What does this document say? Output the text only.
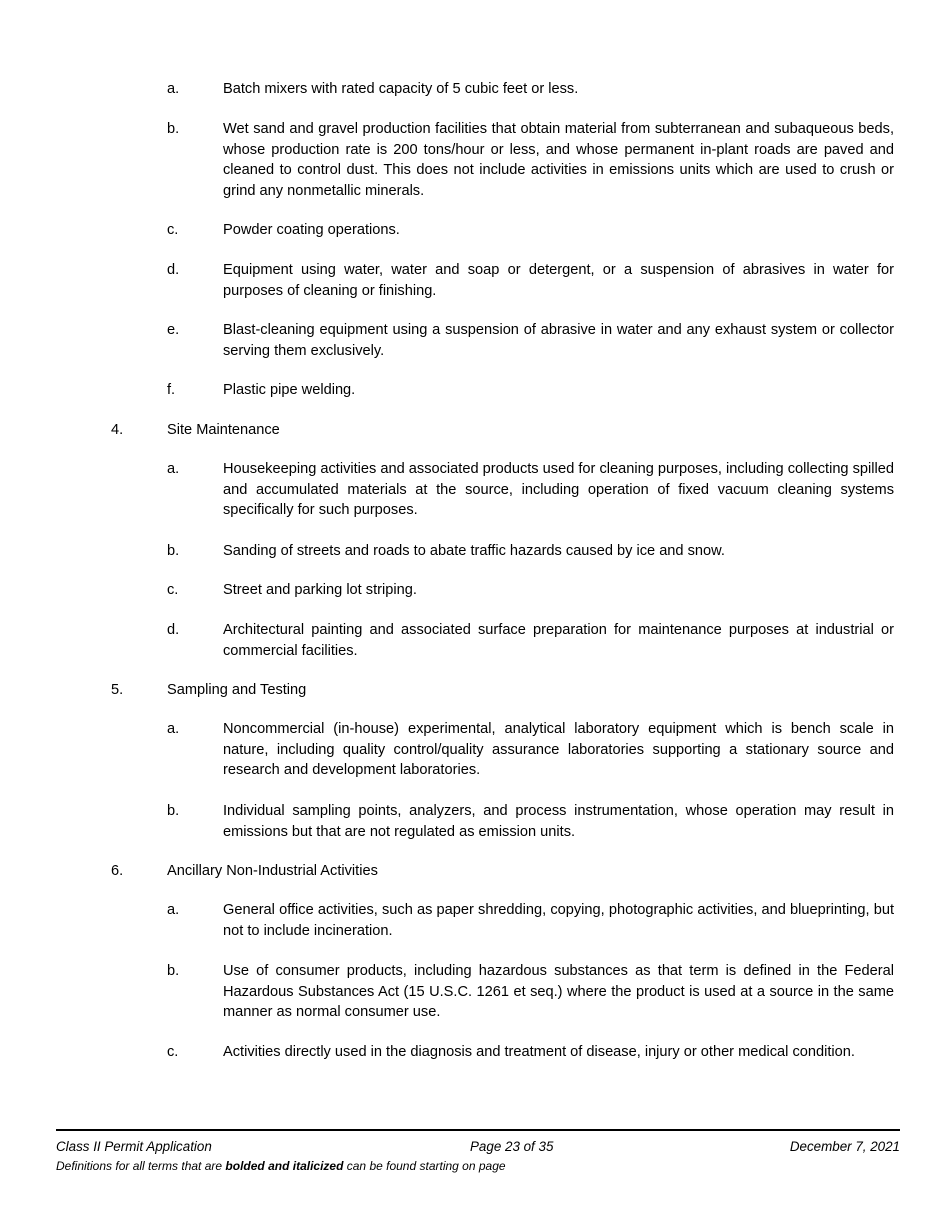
a.	Batch mixers with rated capacity of 5 cubic feet or less.
b.	Wet sand and gravel production facilities that obtain material from subterranean and subaqueous beds, whose production rate is 200 tons/hour or less, and whose permanent in-plant roads are paved and cleaned to control dust. This does not include activities in emissions units which are used to crush or grind any nonmetallic minerals.
c.	Powder coating operations.
d.	Equipment using water, water and soap or detergent, or a suspension of abrasives in water for purposes of cleaning or finishing.
e.	Blast-cleaning equipment using a suspension of abrasive in water and any exhaust system or collector serving them exclusively.
f.	Plastic pipe welding.
4.	Site Maintenance
a.	Housekeeping activities and associated products used for cleaning purposes, including collecting spilled and accumulated materials at the source, including operation of fixed vacuum cleaning systems specifically for such purposes.
b.	Sanding of streets and roads to abate traffic hazards caused by ice and snow.
c.	Street and parking lot striping.
d.	Architectural painting and associated surface preparation for maintenance purposes at industrial or commercial facilities.
5.	Sampling and Testing
a.	Noncommercial (in-house) experimental, analytical laboratory equipment which is bench scale in nature, including quality control/quality assurance laboratories supporting a stationary source and research and development laboratories.
b.	Individual sampling points, analyzers, and process instrumentation, whose operation may result in emissions but that are not regulated as emission units.
6.	Ancillary Non-Industrial Activities
a.	General office activities, such as paper shredding, copying, photographic activities, and blueprinting, but not to include incineration.
b.	Use of consumer products, including hazardous substances as that term is defined in the Federal Hazardous Substances Act (15 U.S.C. 1261 et seq.) where the product is used at a source in the same manner as normal consumer use.
c.	Activities directly used in the diagnosis and treatment of disease, injury or other medical condition.
Class II Permit Application	Page 23 of 35	December 7, 2021
Definitions for all terms that are bolded and italicized can be found starting on page
